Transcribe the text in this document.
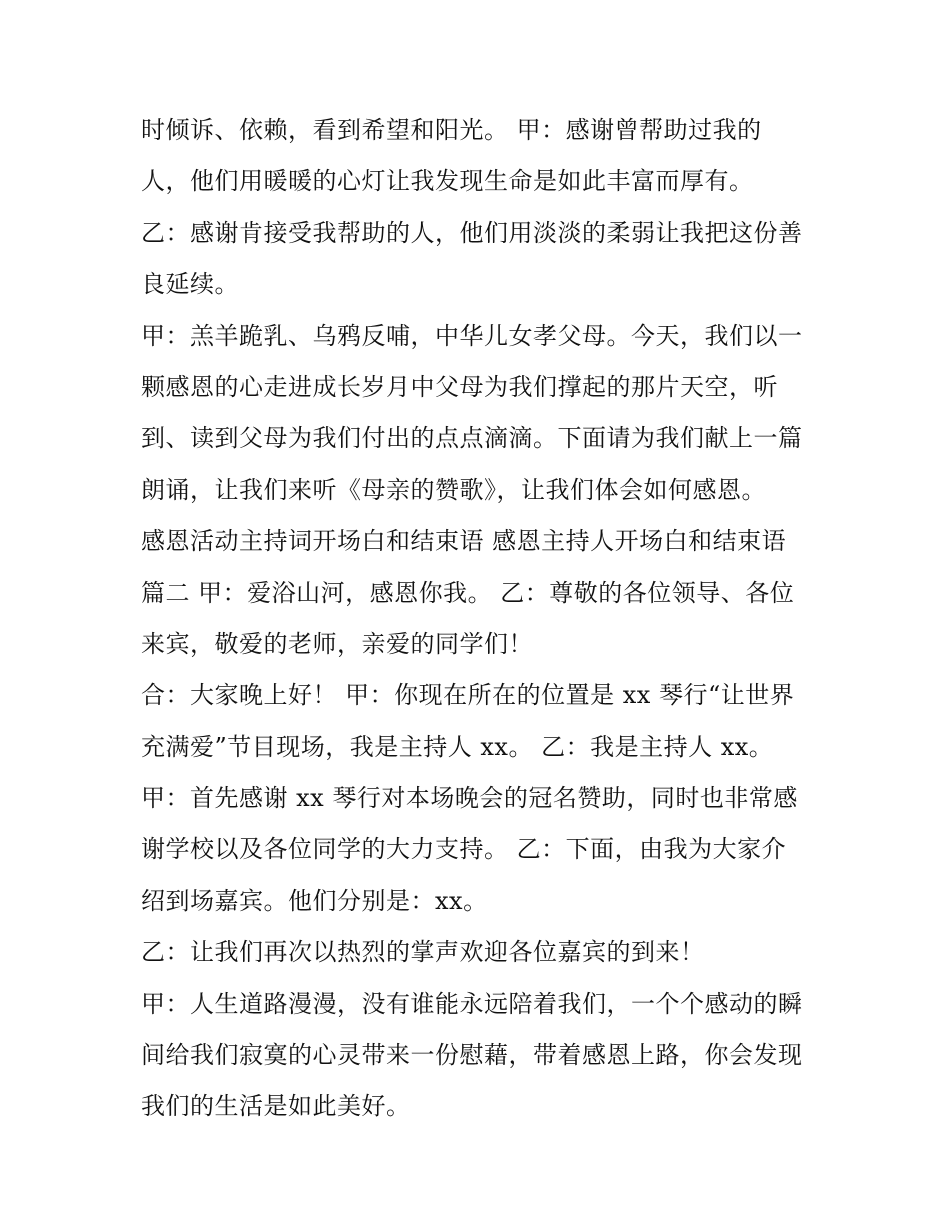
时倾诉、依赖，看到希望和阳光。 甲：感谢曾帮助过我的
人，他们用暖暖的心灯让我发现生命是如此丰富而厚有。
乙：感谢肯接受我帮助的人，他们用淡淡的柔弱让我把这份善
良延续。
甲：羔羊跪乳、乌鸦反哺，中华儿女孝父母。今天，我们以一
颗感恩的心走进成长岁月中父母为我们撑起的那片天空，听
到、读到父母为我们付出的点点滴滴。下面请为我们献上一篇
朗诵，让我们来听《母亲的赞歌》，让我们体会如何感恩。
感恩活动主持词开场白和结束语 感恩主持人开场白和结束语
篇二 甲：爱浴山河，感恩你我。 乙：尊敬的各位领导、各位
来宾，敬爱的老师，亲爱的同学们！
合：大家晚上好！ 甲：你现在所在的位置是 xx 琴行“让世界
充满爱”节目现场，我是主持人 xx。 乙：我是主持人 xx。
甲：首先感谢 xx 琴行对本场晚会的冠名赞助，同时也非常感
谢学校以及各位同学的大力支持。 乙：下面，由我为大家介
绍到场嘉宾。他们分别是：xx。
乙：让我们再次以热烈的掌声欢迎各位嘉宾的到来！
甲：人生道路漫漫，没有谁能永远陪着我们，一个个感动的瞬
间给我们寂寞的心灵带来一份慰藉，带着感恩上路，你会发现
我们的生活是如此美好。
